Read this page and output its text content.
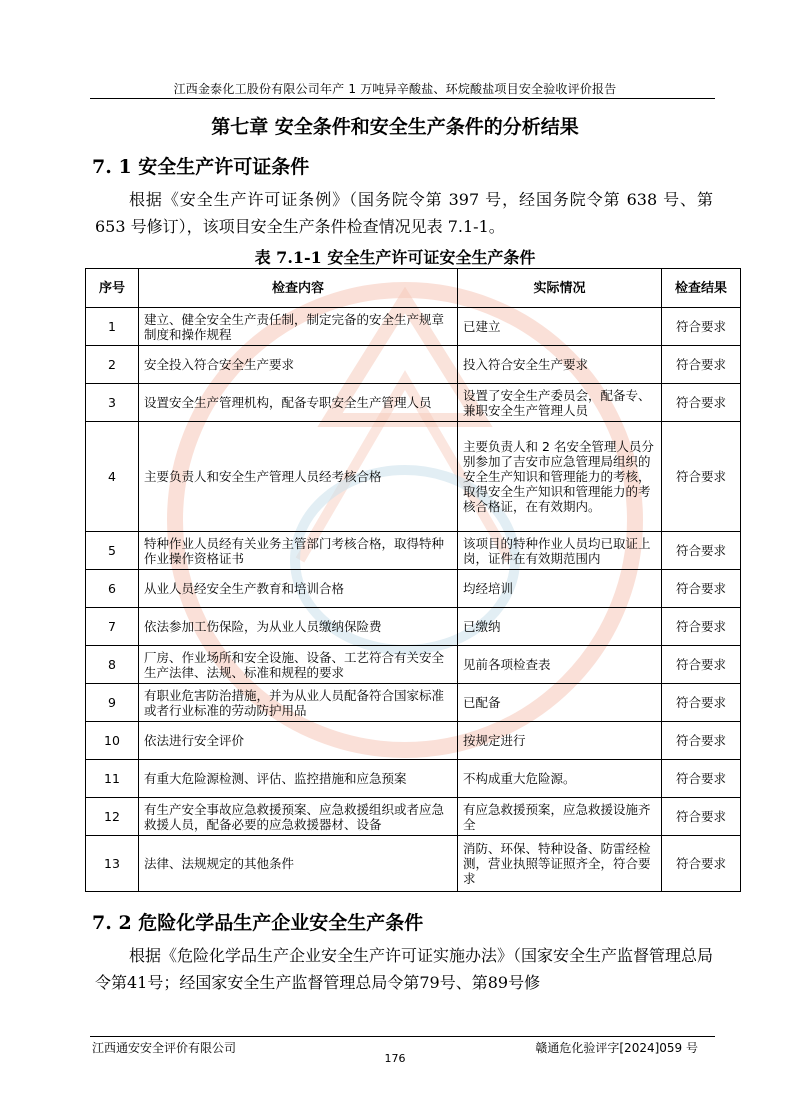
江西金泰化工股份有限公司年产 1 万吨异辛酸盐、环烷酸盐项目安全验收评价报告
第七章 安全条件和安全生产条件的分析结果
7. 1 安全生产许可证条件
根据《安全生产许可证条例》（国务院令第 397 号，经国务院令第 638 号、第 653 号修订），该项目安全生产条件检查情况见表 7.1-1。
表 7.1-1 安全生产许可证安全生产条件
序号	检查内容	实际情况	检查结果
1	建立、健全安全生产责任制，制定完备的安全生产规章制度和操作规程	已建立	符合要求
2	安全投入符合安全生产要求	投入符合安全生产要求	符合要求
3	设置安全生产管理机构，配备专职安全生产管理人员	设置了安全生产委员会，配备专、兼职安全生产管理人员	符合要求
4	主要负责人和安全生产管理人员经考核合格	主要负责人和 2 名安全管理人员分别参加了吉安市应急管理局组织的安全生产知识和管理能力的考核，取得安全生产知识和管理能力的考核合格证，在有效期内。	符合要求
5	特种作业人员经有关业务主管部门考核合格，取得特种作业操作资格证书	该项目的特种作业人员均已取证上岗，证件在有效期范围内	符合要求
6	从业人员经安全生产教育和培训合格	均经培训	符合要求
7	依法参加工伤保险，为从业人员缴纳保险费	已缴纳	符合要求
8	厂房、作业场所和安全设施、设备、工艺符合有关安全生产法律、法规、标准和规程的要求	见前各项检查表	符合要求
9	有职业危害防治措施，并为从业人员配备符合国家标准或者行业标准的劳动防护用品	已配备	符合要求
10	依法进行安全评价	按规定进行	符合要求
11	有重大危险源检测、评估、监控措施和应急预案	不构成重大危险源。	符合要求
12	有生产安全事故应急救援预案、应急救援组织或者应急救援人员，配备必要的应急救援器材、设备	有应急救援预案，应急救援设施齐全	符合要求
13	法律、法规规定的其他条件	消防、环保、特种设备、防雷经检测，营业执照等证照齐全，符合要求	符合要求
7. 2 危险化学品生产企业安全生产条件
根据《危险化学品生产企业安全生产许可证实施办法》（国家安全生产监督管理总局令第41号；经国家安全生产监督管理总局令第79号、第89号修
江西通安安全评价有限公司	赣通危化验评字[2024]059 号
176
